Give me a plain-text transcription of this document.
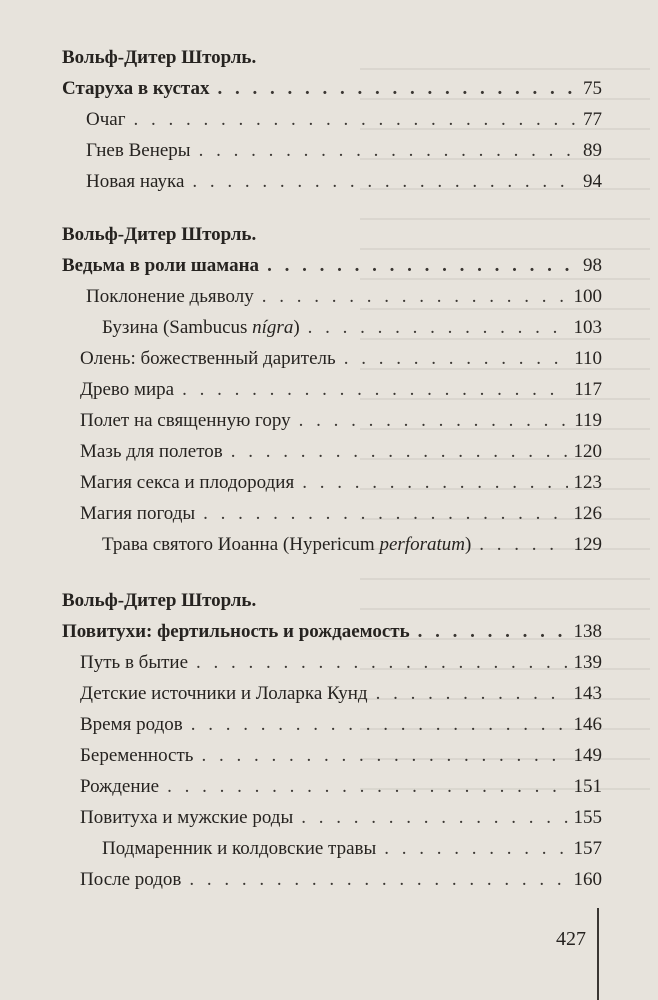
Вольф-Дитер Шторль.
Старуха в кустах . . .	75
Очаг . . .	77
Гнев Венеры . . .	89
Новая наука . . .	94
Вольф-Дитер Шторль.
Ведьма в роли шамана . . .	98
Поклонение дьяволу . . .	100
Бузина (Sambucus nígra) . . .	103
Олень: божественный даритель . . .	110
Древо мира . . .	117
Полет на священную гору . . .	119
Мазь для полетов . . .	120
Магия секса и плодородия . . .	123
Магия погоды . . .	126
Трава святого Иоанна (Hypericum perforatum) . . .	129
Вольф-Дитер Шторль.
Повитухи: фертильность и рождаемость . . .	138
Путь в бытие . . .	139
Детские источники и Лоларка Кунд . . .	143
Время родов . . .	146
Беременность . . .	149
Рождение . . .	151
Повитуха и мужские роды . . .	155
Подмаренник и колдовские травы . . .	157
После родов . . .	160
427
